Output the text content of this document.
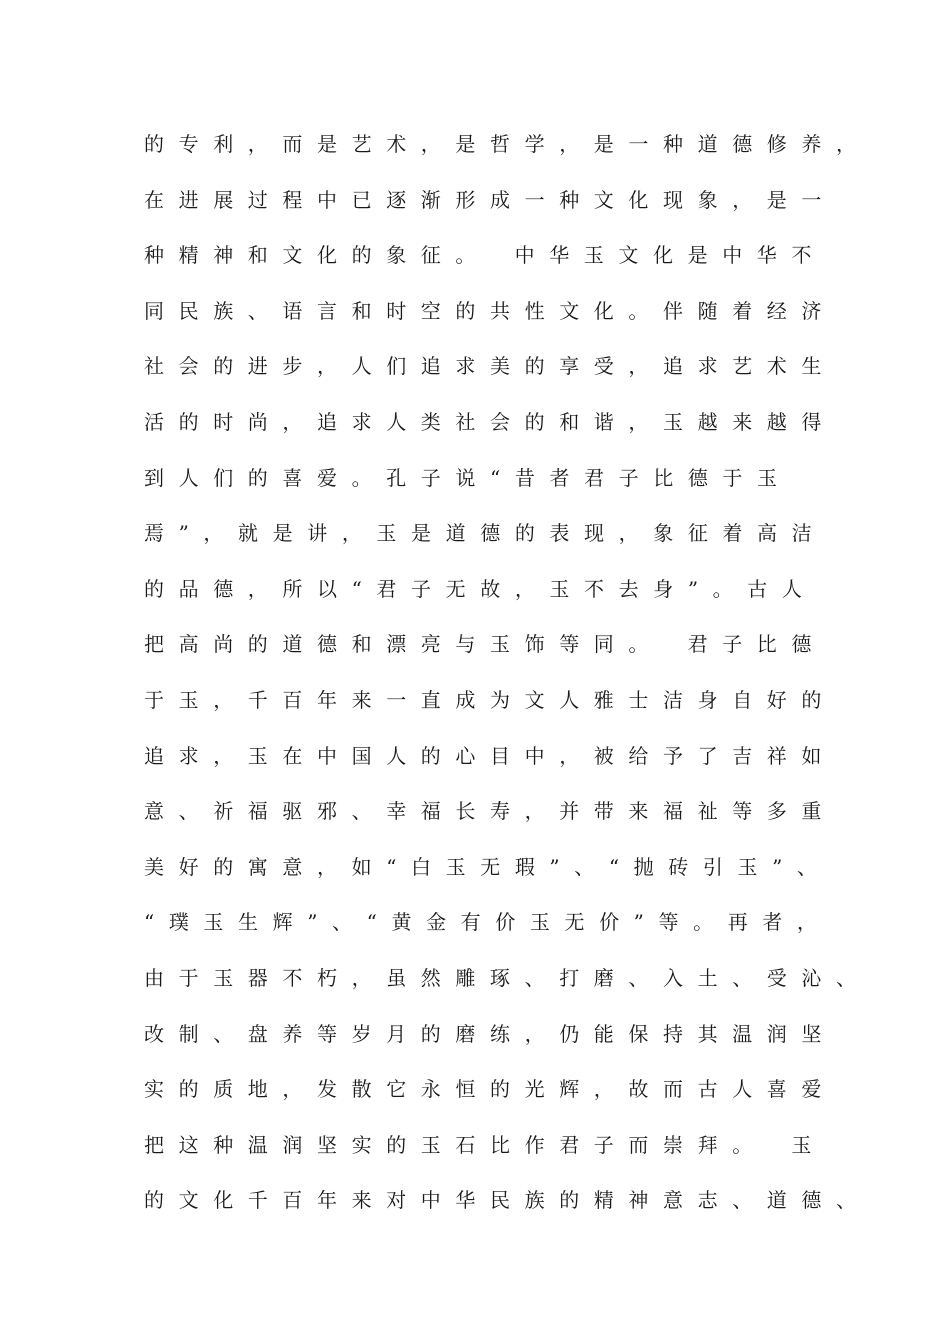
的专利，而是艺术，是哲学，是一种道德修养，
在进展过程中已逐渐形成一种文化现象，是一
种精神和文化的象征。　中华玉文化是中华不
同民族、语言和时空的共性文化。伴随着经济
社会的进步，人们追求美的享受，追求艺术生
活的时尚，追求人类社会的和谐，玉越来越得
到人们的喜爱。孔子说“昔者君子比德于玉
焉”，就是讲，玉是道德的表现，象征着高洁
的品德，所以“君子无故，玉不去身”。古人
把高尚的道德和漂亮与玉饰等同。　君子比德
于玉，千百年来一直成为文人雅士洁身自好的
追求，玉在中国人的心目中，被给予了吉祥如
意、祈福驱邪、幸福长寿，并带来福祉等多重
美好的寓意，如“白玉无瑕”、“抛砖引玉”、
“璞玉生辉”、“黄金有价玉无价”等。再者，
由于玉器不朽，虽然雕琢、打磨、入土、受沁、
改制、盘养等岁月的磨练，仍能保持其温润坚
实的质地，发散它永恒的光辉，故而古人喜爱
把这种温润坚实的玉石比作君子而崇拜。　玉
的文化千百年来对中华民族的精神意志、道德、
